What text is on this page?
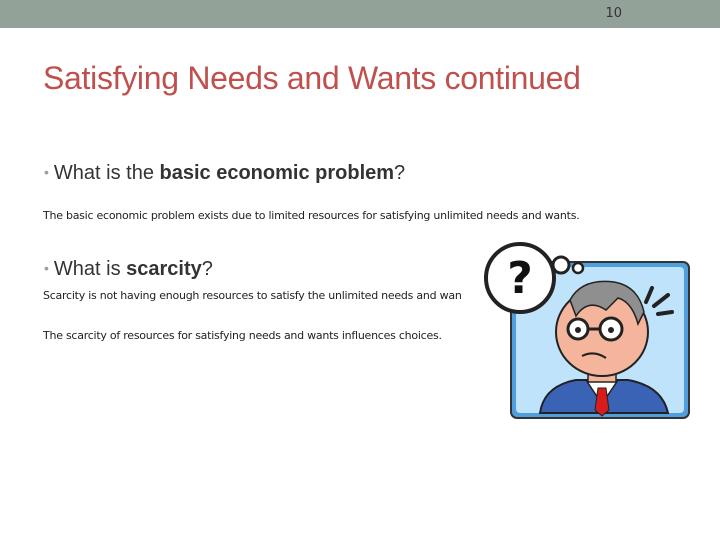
10
Satisfying Needs and Wants continued

• What is the basic economic problem?

The basic economic problem exists due to limited resources for satisfying unlimited needs and wants.

• What is scarcity?

Scarcity is not having enough resources to satisfy the unlimited needs and wan

The scarcity of resources for satisfying needs and wants influences choices.

?
